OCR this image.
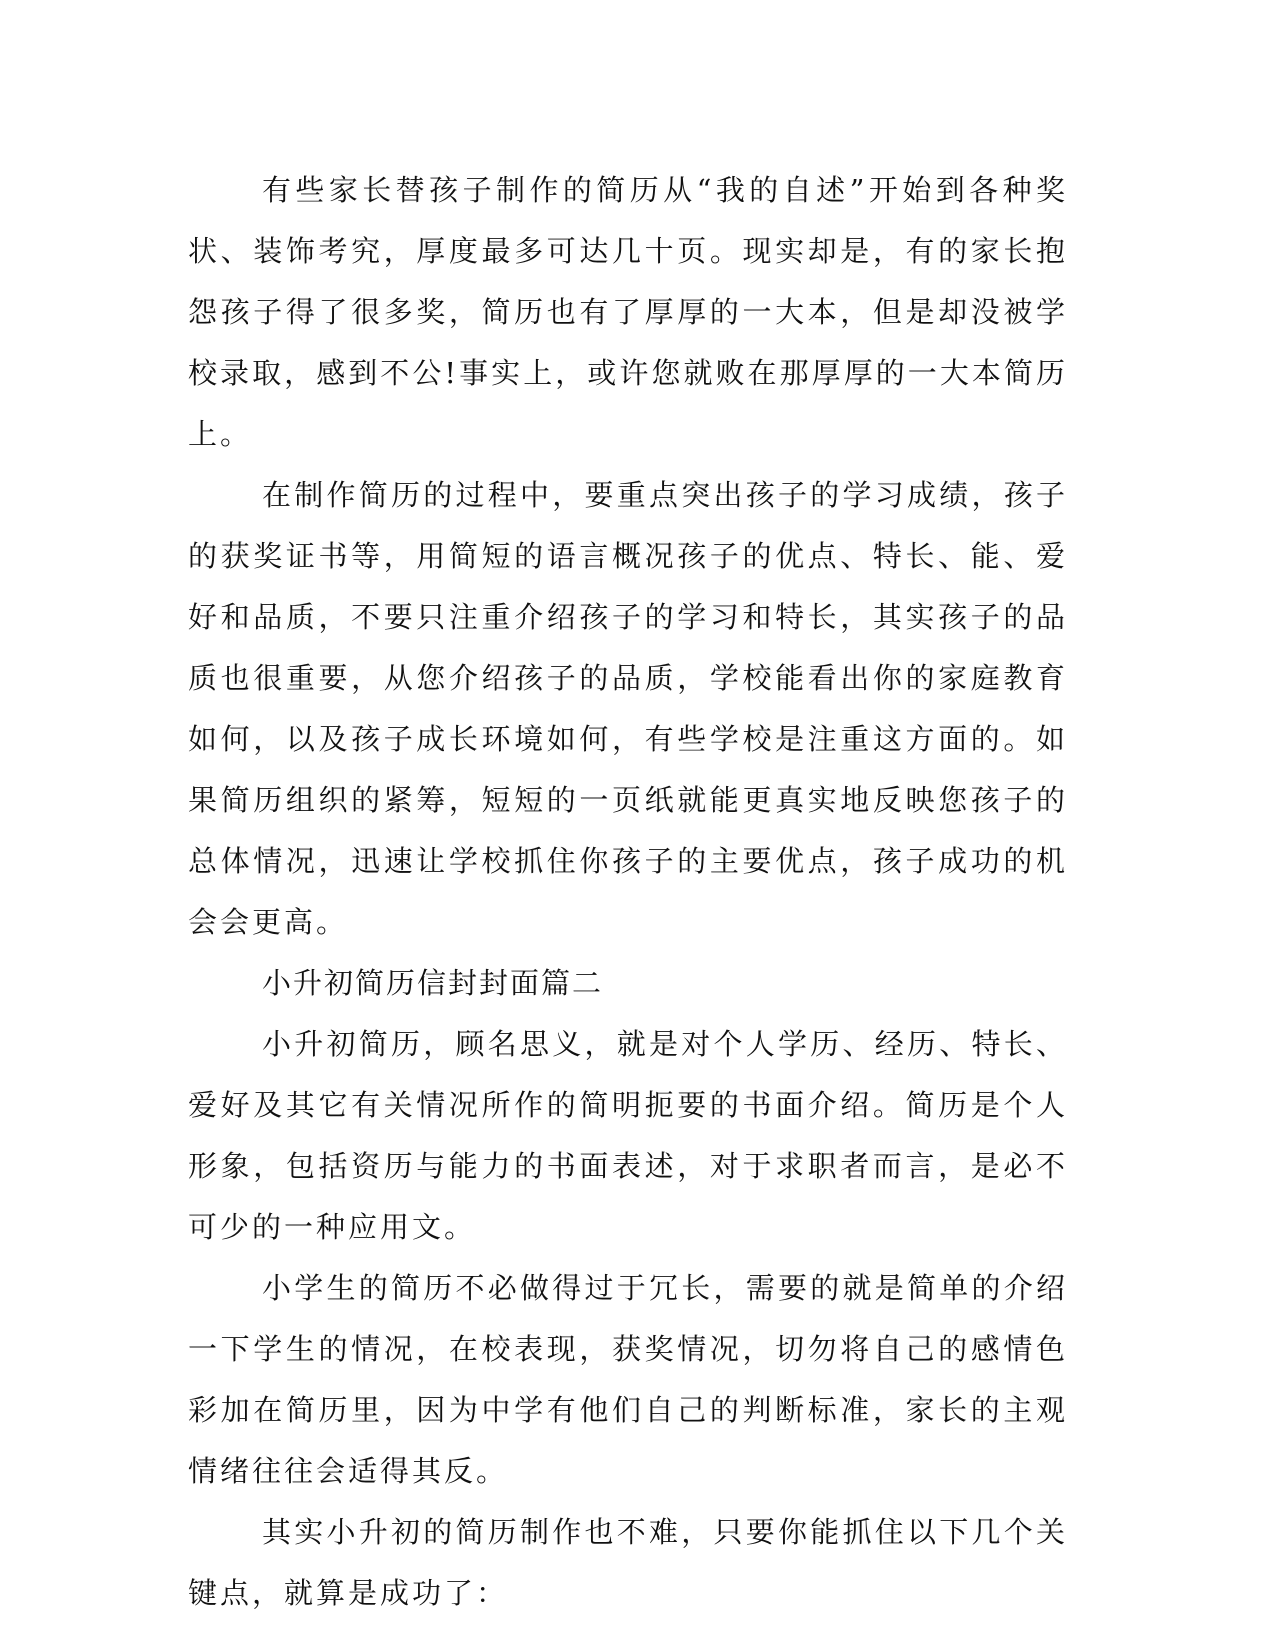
有些家长替孩子制作的简历从“我的自述”开始到各种奖状、装饰考究，厚度最多可达几十页。现实却是，有的家长抱怨孩子得了很多奖，简历也有了厚厚的一大本，但是却没被学校录取，感到不公!事实上，或许您就败在那厚厚的一大本简历上。

在制作简历的过程中，要重点突出孩子的学习成绩，孩子的获奖证书等，用简短的语言概况孩子的优点、特长、能、爱好和品质，不要只注重介绍孩子的学习和特长，其实孩子的品质也很重要，从您介绍孩子的品质，学校能看出你的家庭教育如何，以及孩子成长环境如何，有些学校是注重这方面的。如果简历组织的紧筹，短短的一页纸就能更真实地反映您孩子的总体情况，迅速让学校抓住你孩子的主要优点，孩子成功的机会会更高。

小升初简历信封封面篇二

小升初简历，顾名思义，就是对个人学历、经历、特长、爱好及其它有关情况所作的简明扼要的书面介绍。简历是个人形象，包括资历与能力的书面表述，对于求职者而言，是必不可少的一种应用文。

小学生的简历不必做得过于冗长，需要的就是简单的介绍一下学生的情况，在校表现，获奖情况，切勿将自己的感情色彩加在简历里，因为中学有他们自己的判断标准，家长的主观情绪往往会适得其反。

其实小升初的简历制作也不难，只要你能抓住以下几个关键点，就算是成功了：
